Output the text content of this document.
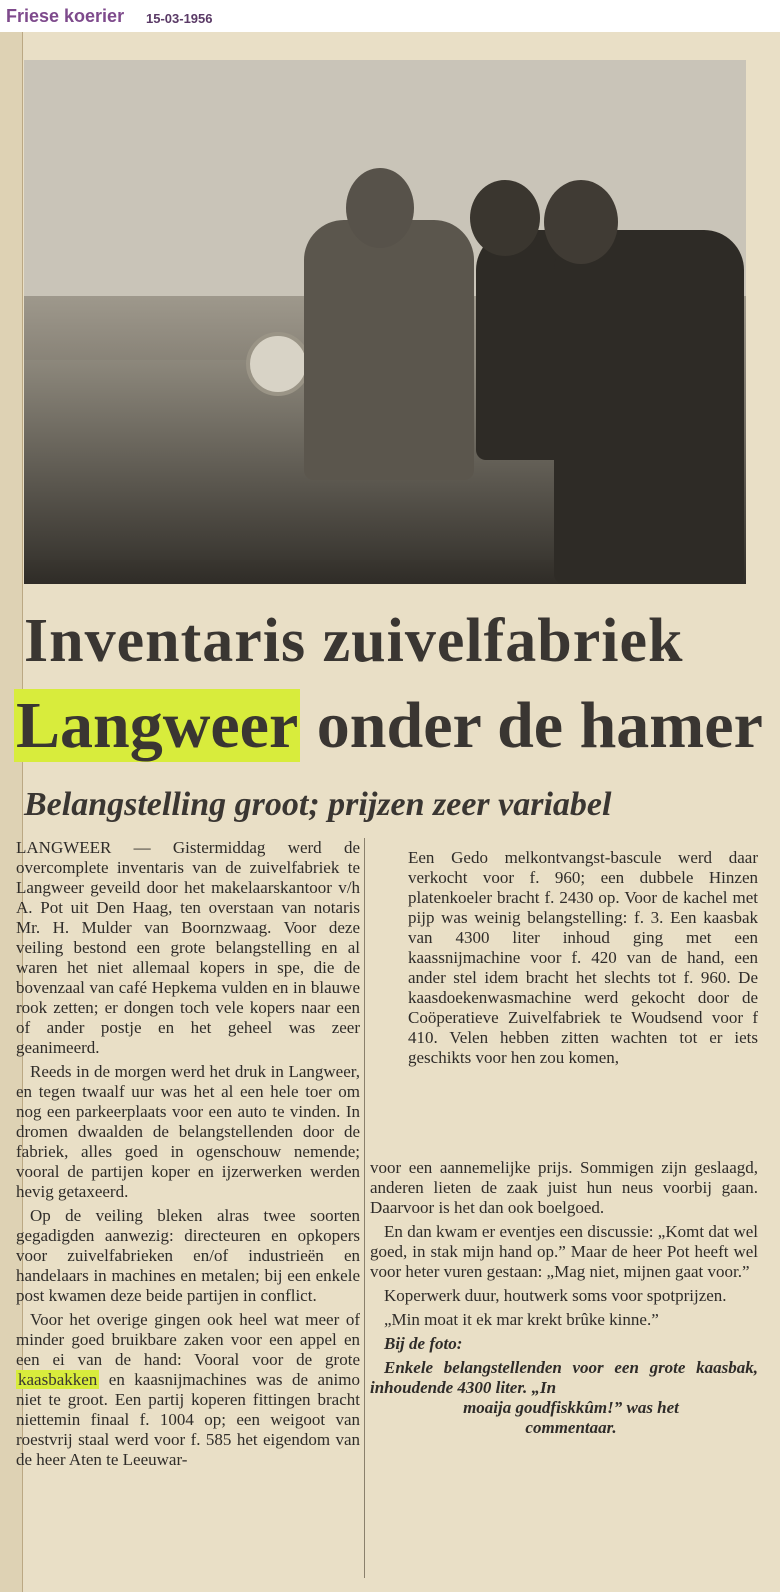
Friese koerier 15-03-1956
Inventaris zuivelfabriek
Langweer onder de hamer
Belangstelling groot; prijzen zeer variabel

LANGWEER — Gistermiddag werd de overcomplete inventaris van de zuivelfabriek te Langweer geveild door het makelaarskantoor v/h A. Pot uit Den Haag, ten overstaan van notaris Mr. H. Mulder van Boornzwaag. Voor deze veiling bestond een grote belangstelling en al waren het niet allemaal kopers in spe, die de bovenzaal van café Hepkema vulden en in blauwe rook zetten; er dongen toch vele kopers naar een of ander postje en het geheel was zeer geanimeerd.

Reeds in de morgen werd het druk in Langweer, en tegen twaalf uur was het al een hele toer om nog een parkeerplaats voor een auto te vinden. In dromen dwaalden de belangstellenden door de fabriek, alles goed in ogenschouw nemende; vooral de partijen koper en ijzerwerken werden hevig getaxeerd.

Op de veiling bleken alras twee soorten gegadigden aanwezig: directeuren en opkopers voor zuivelfabrieken en/of industrieën en handelaars in machines en metalen; bij een enkele post kwamen deze beide partijen in conflict.

Voor het overige gingen ook heel wat meer of minder goed bruikbare zaken voor een appel en een ei van de hand: Vooral voor de grote kaasbakken en kaasnijmachines was de animo niet te groot. Een partij koperen fittingen bracht niettemin finaal f. 1004 op; een weigoot van roestvrij staal werd voor f. 585 het eigendom van de heer Aten te Leeuwar-

Een Gedo melkontvangst-bascule werd daar verkocht voor f. 960; een dubbele Hinzen platenkoeler bracht f. 2430 op. Voor de kachel met pijp was weinig belangstelling: f. 3. Een kaasbak van 4300 liter inhoud ging met een kaassnijmachine voor f. 420 van de hand, een ander stel idem bracht het slechts tot f. 960. De kaasdoekenwasmachine werd gekocht door de Coöperatieve Zuivelfabriek te Woudsend voor f 410. Velen hebben zitten wachten tot er iets geschikts voor hen zou komen,

voor een aannemelijke prijs. Sommigen zijn geslaagd, anderen lieten de zaak juist hun neus voorbij gaan. Daarvoor is het dan ook boelgoed.

En dan kwam er eventjes een discussie: „Komt dat wel goed, in stak mijn hand op.” Maar de heer Pot heeft wel voor heter vuren gestaan: „Mag niet, mijnen gaat voor.”

Koperwerk duur, houtwerk soms voor spotprijzen.

„Min moat it ek mar krekt brûke kinne.”

Bij de foto:

Enkele belangstellenden voor een grote kaasbak, inhoudende 4300 liter. „In
moaija goudfiskkûm!” was het
commentaar.
